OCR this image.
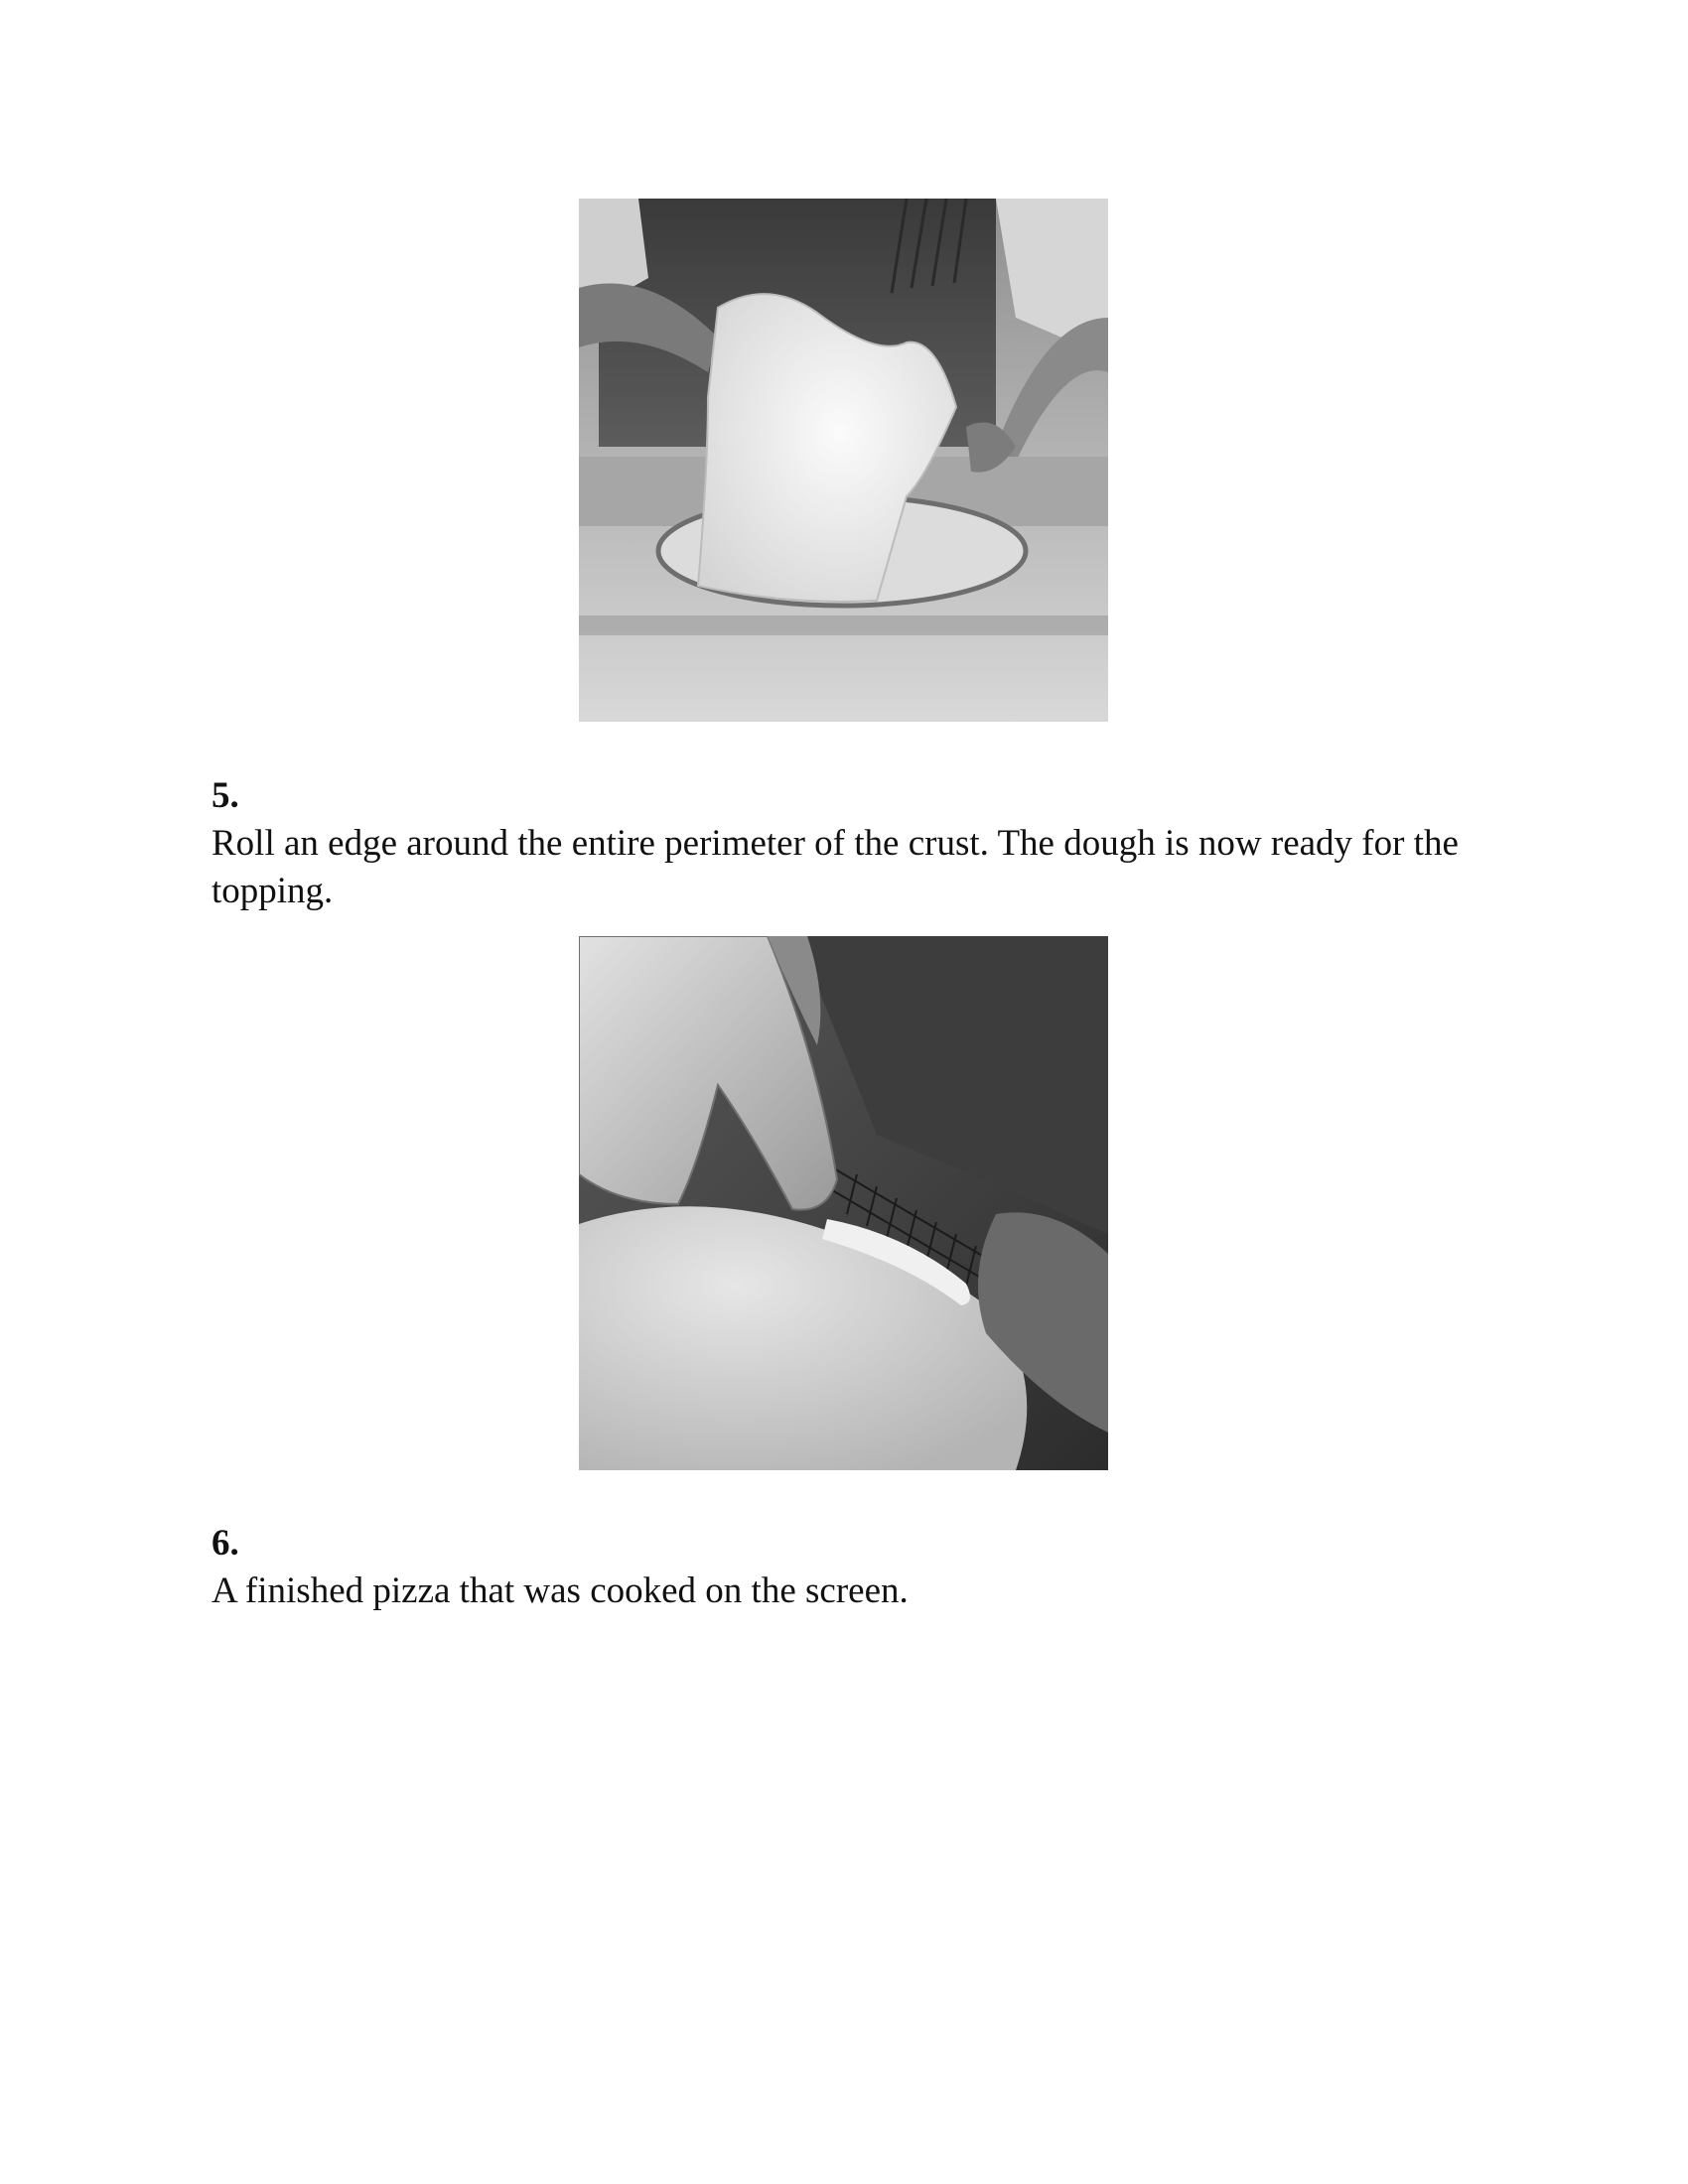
5.

Roll an edge around the entire perimeter of the crust. The dough is now ready for the topping.

6.

A finished pizza that was cooked on the screen.
